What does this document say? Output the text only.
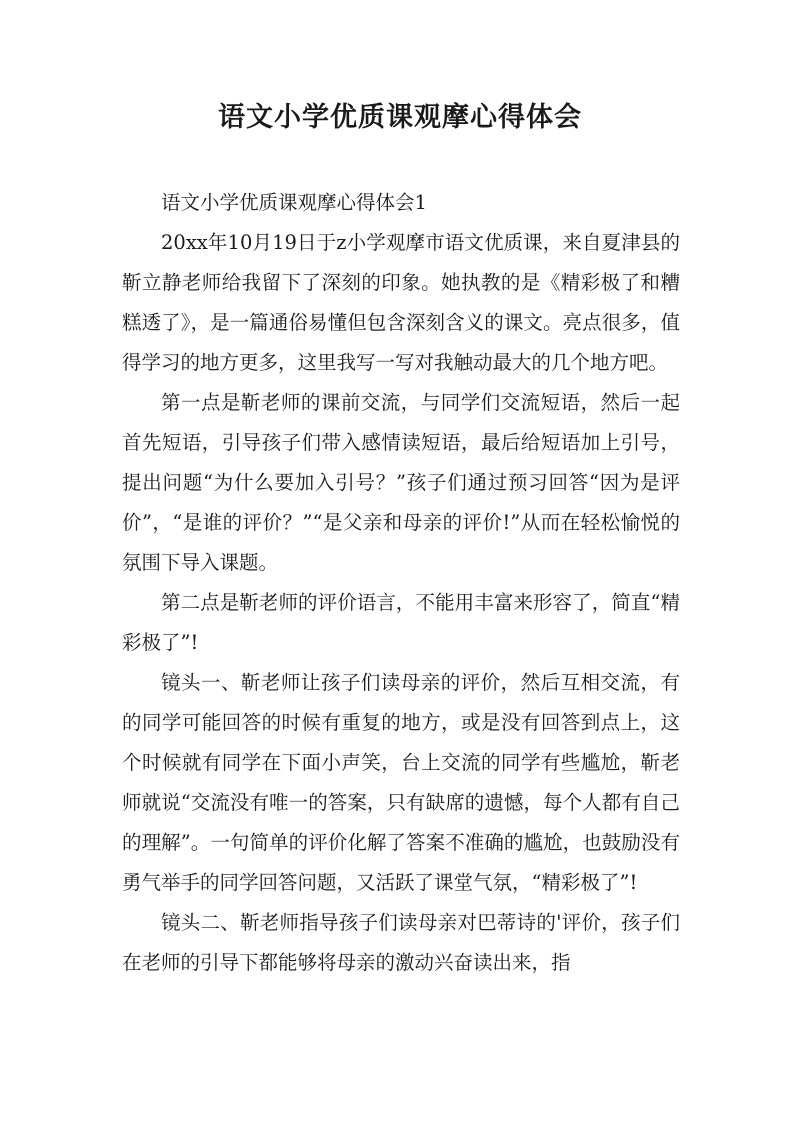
语文小学优质课观摩心得体会

语文小学优质课观摩心得体会1

20xx年10月19日于z小学观摩市语文优质课，来自夏津县的靳立静老师给我留下了深刻的印象。她执教的是《精彩极了和糟糕透了》，是一篇通俗易懂但包含深刻含义的课文。亮点很多，值得学习的地方更多，这里我写一写对我触动最大的几个地方吧。

第一点是靳老师的课前交流，与同学们交流短语，然后一起首先短语，引导孩子们带入感情读短语，最后给短语加上引号，提出问题“为什么要加入引号？”孩子们通过预习回答“因为是评价”，“是谁的评价？”“是父亲和母亲的评价!”从而在轻松愉悦的氛围下导入课题。

第二点是靳老师的评价语言，不能用丰富来形容了，简直“精彩极了”!

镜头一、靳老师让孩子们读母亲的评价，然后互相交流，有的同学可能回答的时候有重复的地方，或是没有回答到点上，这个时候就有同学在下面小声笑，台上交流的同学有些尴尬，靳老师就说“交流没有唯一的答案，只有缺席的遗憾，每个人都有自己的理解”。一句简单的评价化解了答案不准确的尴尬，也鼓励没有勇气举手的同学回答问题，又活跃了课堂气氛，“精彩极了”!

镜头二、靳老师指导孩子们读母亲对巴蒂诗的'评价，孩子们在老师的引导下都能够将母亲的激动兴奋读出来，指
